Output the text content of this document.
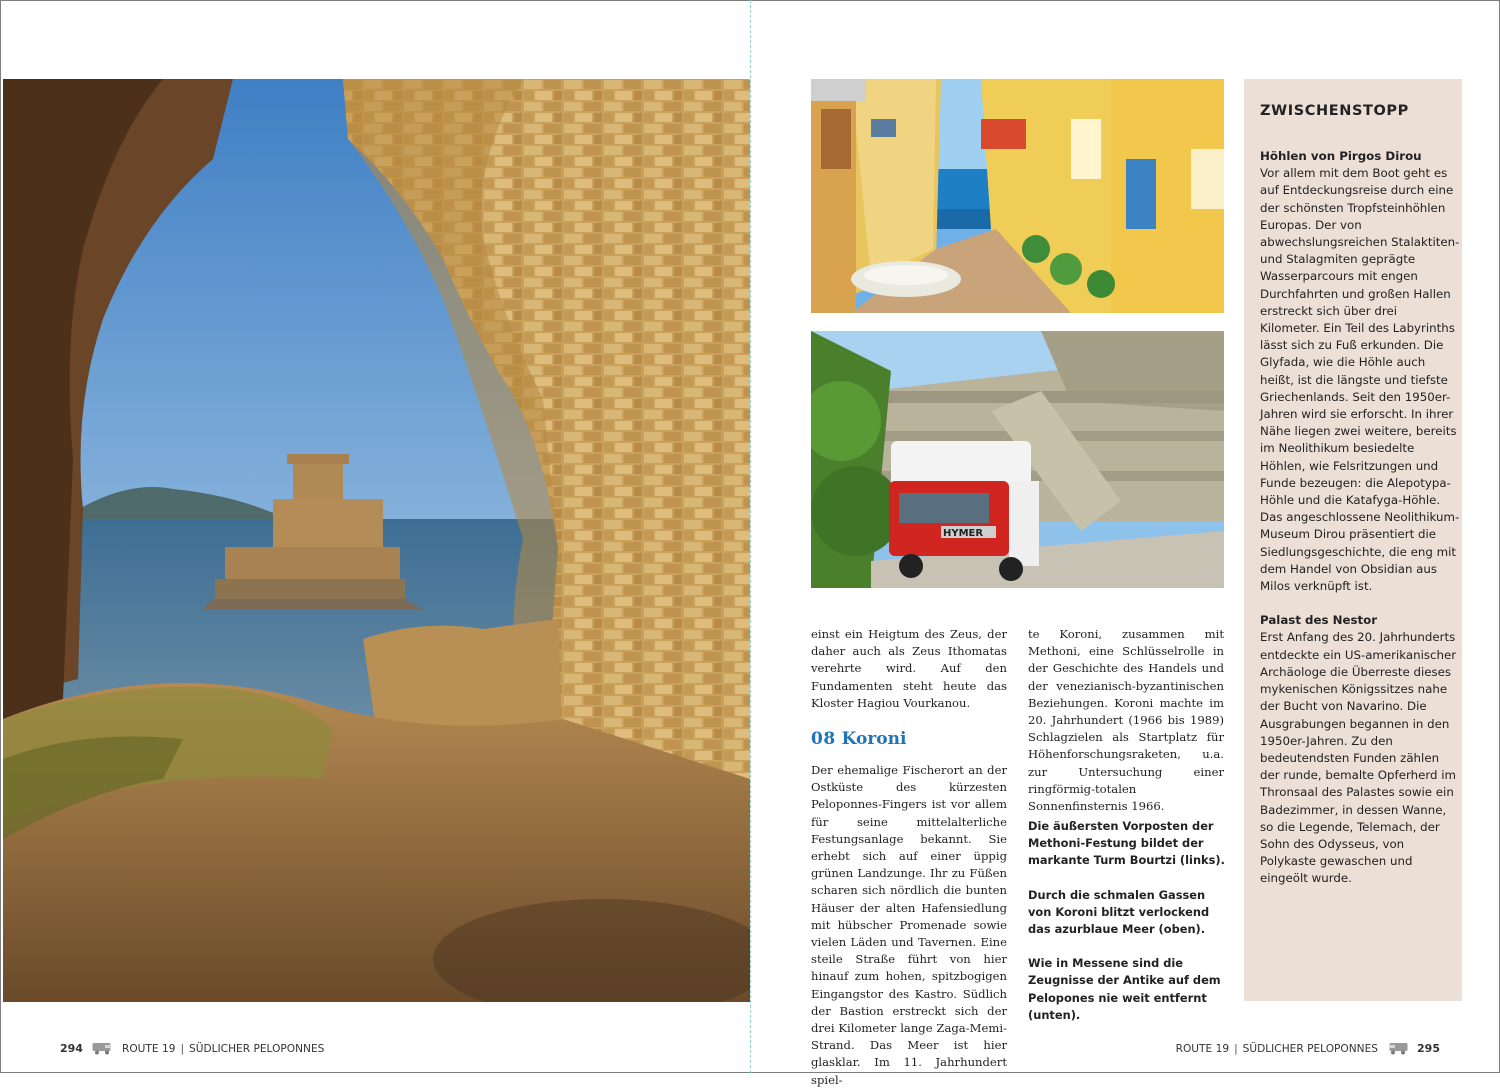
HYMER

einst ein Heigtum des Zeus, der daher auch als Zeus Ithomatas verehrte wird. Auf den Fundamenten steht heute das Kloster Hagiou Vourkanou.

08 Koroni

Der ehemalige Fischerort an der Ostküste des kürzesten Peloponnes-Fingers ist vor allem für seine mittelalterliche Festungsanlage bekannt. Sie erhebt sich auf einer üppig grünen Landzunge. Ihr zu Füßen scharen sich nördlich die bunten Häuser der alten Hafensiedlung mit hübscher Promenade sowie vielen Läden und Tavernen. Eine steile Straße führt von hier hinauf zum hohen, spitzbogigen Eingangstor des Kastro. Südlich der Bastion erstreckt sich der drei Kilometer lange Zaga-Memi-Strand. Das Meer ist hier glasklar. Im 11. Jahrhundert spiel-

te Koroni, zusammen mit Methoni, eine Schlüsselrolle in der Geschichte des Handels und der venezianisch-byzantinischen Beziehungen. Koroni machte im 20. Jahrhundert (1966 bis 1989) Schlagzielen als Startplatz für Höhenforschungsraketen, u.a. zur Untersuchung einer ringförmig-totalen Sonnenfinsternis 1966.

Die äußersten Vorposten der Methoni-Festung bildet der markante Turm Bourtzi (links).

Durch die schmalen Gassen von Koroni blitzt verlockend das azurblaue Meer (oben).

Wie in Messene sind die Zeugnisse der Antike auf dem Pelopones nie weit entfernt (unten).

ZWISCHENSTOPP

Höhlen von Pirgos Dirou

Vor allem mit dem Boot geht es auf Entdeckungsreise durch eine der schönsten Tropfsteinhöhlen Europas. Der von abwechslungsreichen Stalaktiten- und Stalagmiten geprägte Wasserparcours mit engen Durchfahrten und großen Hallen erstreckt sich über drei Kilometer. Ein Teil des Labyrinths lässt sich zu Fuß erkunden. Die Glyfada, wie die Höhle auch heißt, ist die längste und tiefste Griechenlands. Seit den 1950er-Jahren wird sie erforscht. In ihrer Nähe liegen zwei weitere, bereits im Neolithikum besiedelte Höhlen, wie Felsritzungen und Funde bezeugen: die Alepotypa-Höhle und die Katafyga-Höhle. Das angeschlossene Neolithikum-Museum Dirou präsentiert die Siedlungsgeschichte, die eng mit dem Handel von Obsidian aus Milos verknüpft ist.

Palast des Nestor

Erst Anfang des 20. Jahrhunderts entdeckte ein US-amerikanischer Archäologe die Überreste dieses mykenischen Königssitzes nahe der Bucht von Navarino. Die Ausgrabungen begannen in den 1950er-Jahren. Zu den bedeutendsten Funden zählen der runde, bemalte Opferherd im Thronsaal des Palastes sowie ein Badezimmer, in dessen Wanne, so die Legende, Telemach, der Sohn des Odysseus, von Polykaste gewaschen und eingeölt wurde.

294	ROUTE 19 | SÜDLICHER PELOPONNES	ROUTE 19 | SÜDLICHER PELOPONNES	295
